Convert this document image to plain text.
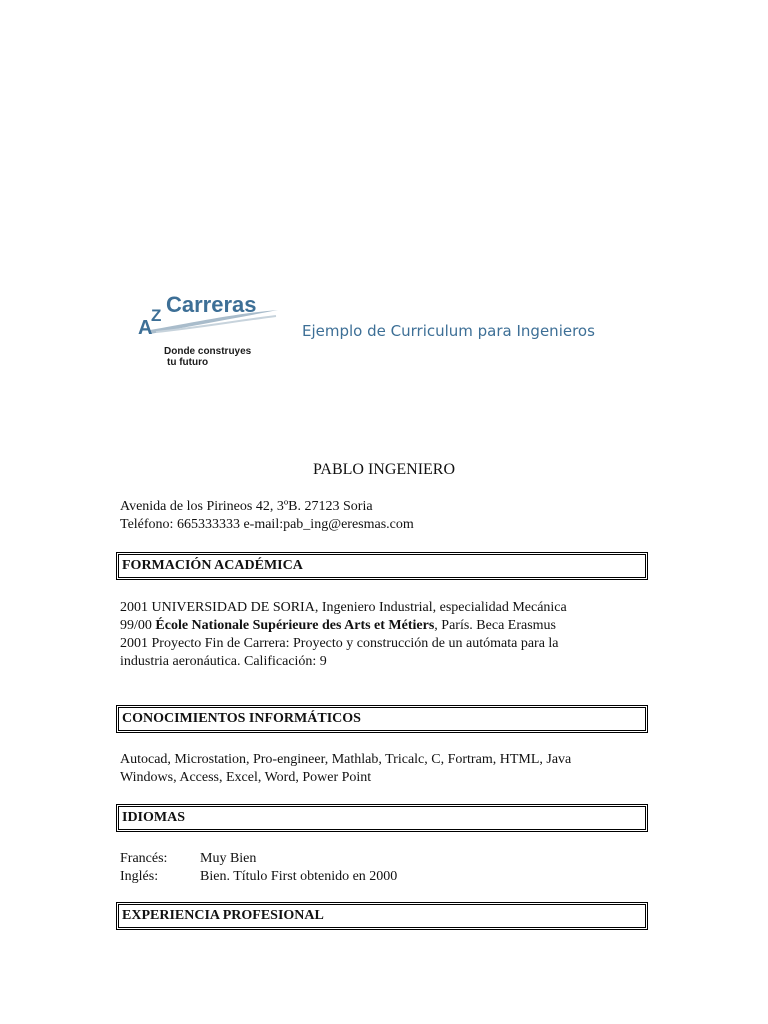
A
Z Carreras
Donde construyes
tu futuro
Ejemplo de Curriculum para Ingenieros
PABLO INGENIERO
Avenida de los Pirineos 42, 3ºB. 27123 Soria
Teléfono: 665333333 e-mail:pab_ing@eresmas.com
FORMACIÓN ACADÉMICA
2001 UNIVERSIDAD DE SORIA, Ingeniero Industrial, especialidad Mecánica
99/00 École Nationale Supérieure des Arts et Métiers, París. Beca Erasmus
2001 Proyecto Fin de Carrera: Proyecto y construcción de un autómata para la
industria aeronáutica. Calificación: 9
CONOCIMIENTOS INFORMÁTICOS
Autocad, Microstation, Pro-engineer, Mathlab, Tricalc, C, Fortram, HTML, Java
Windows, Access, Excel, Word, Power Point
IDIOMAS
Francés: Muy Bien
Inglés:	Bien. Título First obtenido en 2000
EXPERIENCIA PROFESIONAL
